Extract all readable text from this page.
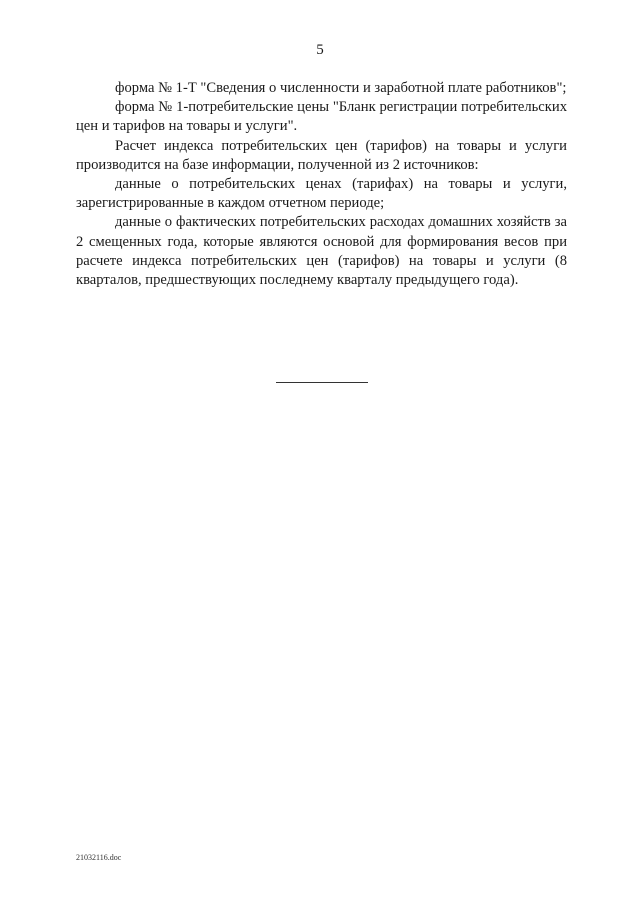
5

форма № 1-Т "Сведения о численности и заработной плате работников";

форма № 1-потребительские цены "Бланк регистрации потребительских цен и тарифов на товары и услуги".

Расчет индекса потребительских цен (тарифов) на товары и услуги производится на базе информации, полученной из 2 источников:

данные о потребительских ценах (тарифах) на товары и услуги, зарегистрированные в каждом отчетном периоде;

данные о фактических потребительских расходах домашних хозяйств за 2 смещенных года, которые являются основой для формирования весов при расчете индекса потребительских цен (тарифов) на товары и услуги (8 кварталов, предшествующих последнему кварталу предыдущего года).

21032116.doc
